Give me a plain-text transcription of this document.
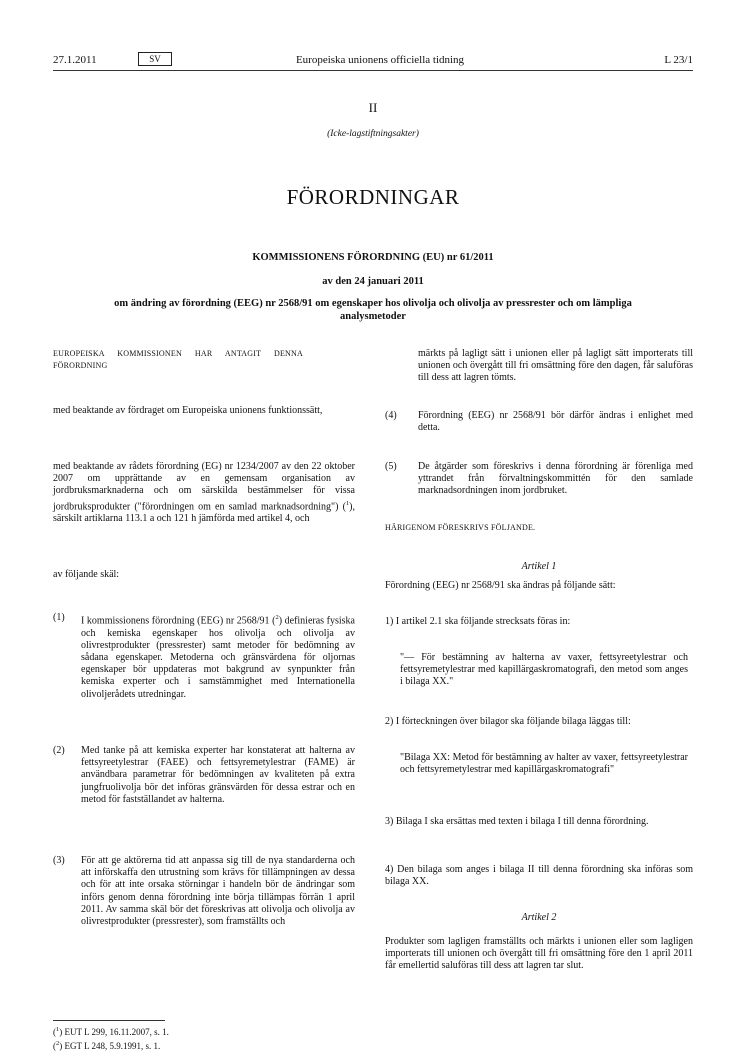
27.1.2011	SV	Europeiska unionens officiella tidning	L 23/1
II
(Icke-lagstiftningsakter)
FÖRORDNINGAR
KOMMISSIONENS FÖRORDNING (EU) nr 61/2011
av den 24 januari 2011
om ändring av förordning (EEG) nr 2568/91 om egenskaper hos olivolja och olivolja av pressrester och om lämpliga analysmetoder
EUROPEISKA KOMMISSIONEN HAR ANTAGIT DENNA FÖRORDNING
med beaktande av fördraget om Europeiska unionens funktionssätt,
med beaktande av rådets förordning (EG) nr 1234/2007 av den 22 oktober 2007 om upprättande av en gemensam organisation av jordbruksmarknaderna och om särskilda bestämmelser för vissa jordbruksprodukter ("förordningen om en samlad marknadsordning") ($^1$), särskilt artiklarna 113.1 a och 121 h jämförda med artikel 4, och
av följande skäl:
(1) I kommissionens förordning (EEG) nr 2568/91 ($^2$) definieras fysiska och kemiska egenskaper hos olivolja och olivolja av olivrestprodukter (pressrester) samt metoder för bedömning av sådana egenskaper. Metoderna och gränsvärdena för oljornas egenskaper bör uppdateras mot bakgrund av synpunkter från kemiska experter och i samstämmighet med Internationella olivoljerådets utredningar.
(2) Med tanke på att kemiska experter har konstaterat att halterna av fettsyreetylestrar (FAEE) och fettsyremetylestrar (FAME) är användbara parametrar för bedömningen av kvaliteten på extra jungfruolivolja bör det införas gränsvärden för dessa estrar och en metod för fastställandet av halterna.
(3) För att ge aktörerna tid att anpassa sig till de nya standarderna och att införskaffa den utrustning som krävs för tillämpningen av dessa och för att inte orsaka störningar i handeln bör de ändringar som införs genom denna förordning inte börja tillämpas förrän 1 april 2011. Av samma skäl bör det föreskrivas att olivolja och olivolja av olivrestprodukter (pressrester), som framställts och
($^1$) EUT L 299, 16.11.2007, s. 1.
($^2$) EGT L 248, 5.9.1991, s. 1.
märkts på lagligt sätt i unionen eller på lagligt sätt importerats till unionen och övergått till fri omsättning före den dagen, får saluföras till dess att lagren tömts.
(4) Förordning (EEG) nr 2568/91 bör därför ändras i enlighet med detta.
(5) De åtgärder som föreskrivs i denna förordning är förenliga med yttrandet från förvaltningskommittén för den samlade marknadsordningen inom jordbruket.
HÄRIGENOM FÖRESKRIVS FÖLJANDE.
Artikel 1
Förordning (EEG) nr 2568/91 ska ändras på följande sätt:
1) I artikel 2.1 ska följande strecksats föras in:
"— För bestämning av halterna av vaxer, fettsyreetylestrar och fettsyremetylestrar med kapillärgaskromatografi, den metod som anges i bilaga XX."
2) I förteckningen över bilagor ska följande bilaga läggas till:
"Bilaga XX: Metod för bestämning av halter av vaxer, fettsyreetylestrar och fettsyremetylestrar med kapillärgaskromatografi"
3) Bilaga I ska ersättas med texten i bilaga I till denna förordning.
4) Den bilaga som anges i bilaga II till denna förordning ska införas som bilaga XX.
Artikel 2
Produkter som lagligen framställts och märkts i unionen eller som lagligen importerats till unionen och övergått till fri omsättning före den 1 april 2011 får emellertid saluföras till dess att lagren tar slut.
